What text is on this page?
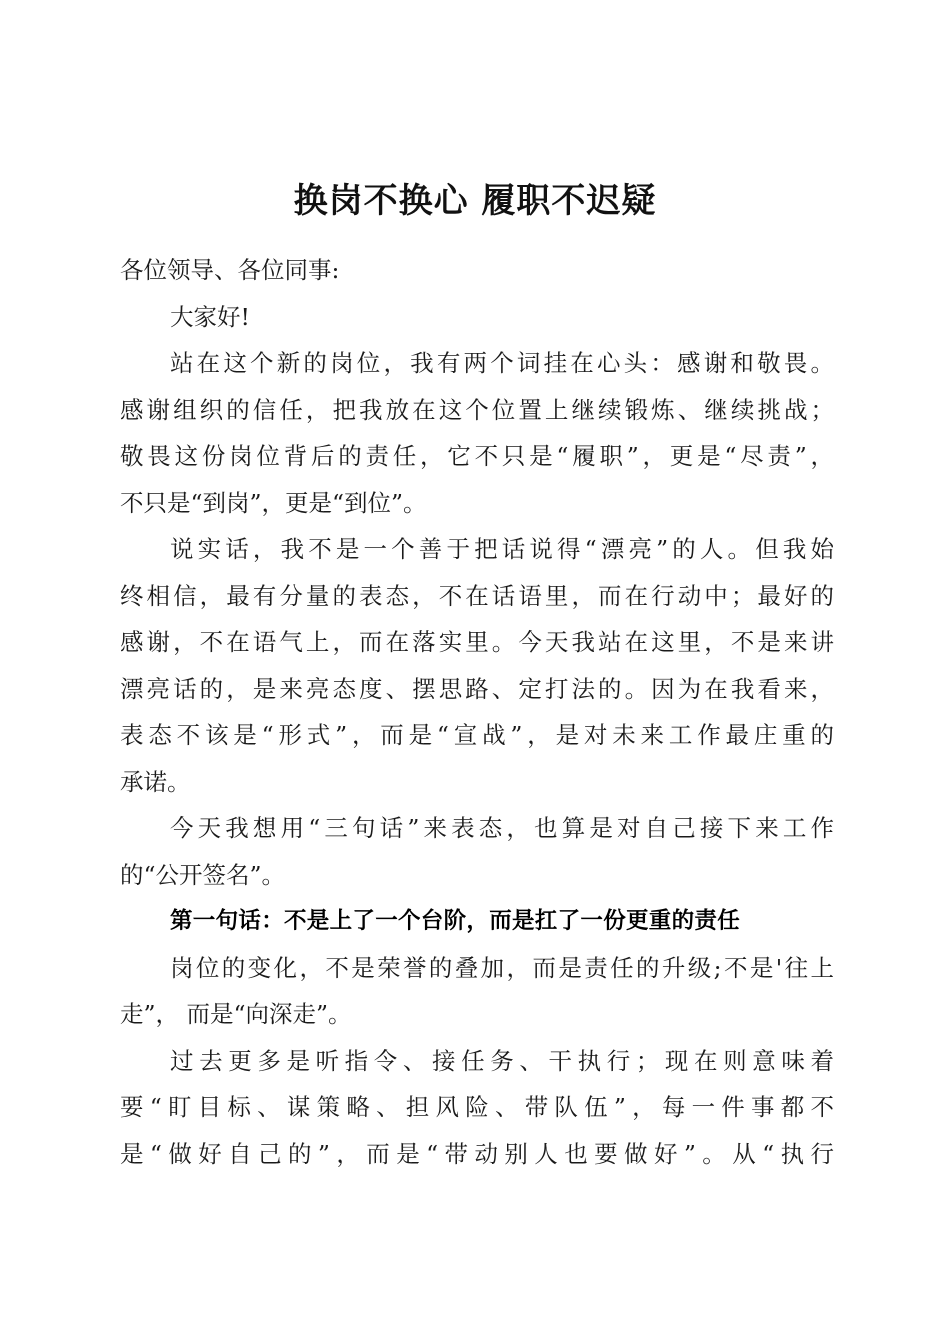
换岗不换心 履职不迟疑
各位领导、各位同事:
大家好!
站在这个新的岗位，我有两个词挂在心头：感谢和敬畏。
感谢组织的信任，把我放在这个位置上继续锻炼、继续挑战；
敬畏这份岗位背后的责任，它不只是“履职”，更是“尽责”，
不只是“到岗”，更是“到位”。
说实话，我不是一个善于把话说得“漂亮”的人。但我始
终相信，最有分量的表态，不在话语里，而在行动中；最好的
感谢，不在语气上，而在落实里。今天我站在这里，不是来讲
漂亮话的，是来亮态度、摆思路、定打法的。因为在我看来，
表态不该是“形式”，而是“宣战”，是对未来工作最庄重的
承诺。
今天我想用“三句话”来表态，也算是对自己接下来工作
的“公开签名”。
第一句话：不是上了一个台阶，而是扛了一份更重的责任
岗位的变化，不是荣誉的叠加，而是责任的升级;不是'往上
走”， 而是“向深走”。
过去更多是听指令、接任务、干执行；现在则意味着
要“盯目标、谋策略、担风险、带队伍”，每一件事都不
是“做好自己的”，而是“带动别人也要做好”。从“执行
